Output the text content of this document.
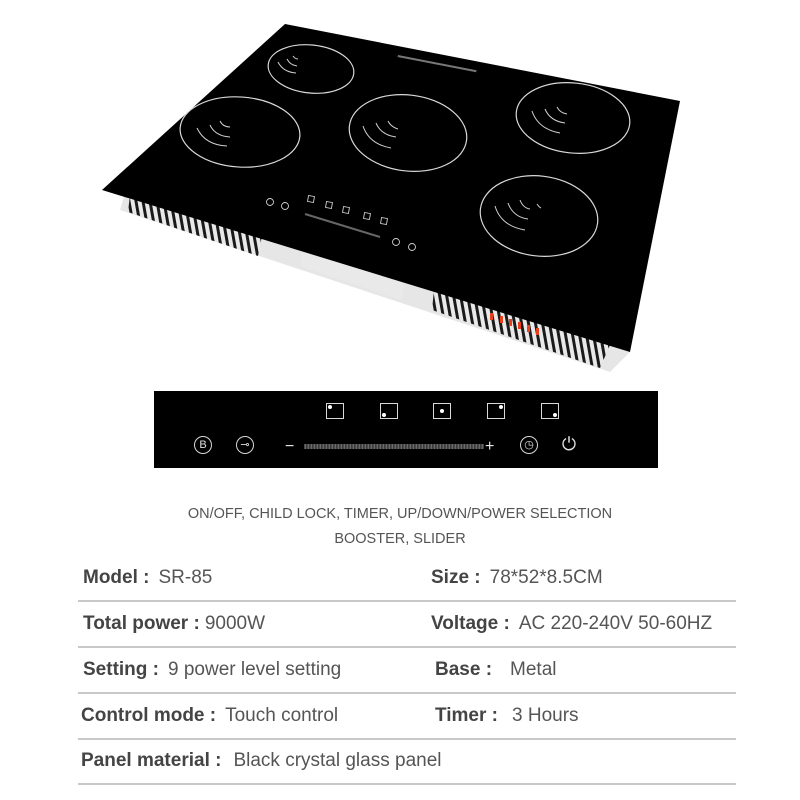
B	⊸ −	+	◷ ⏻
ON/OFF, CHILD LOCK, TIMER, UP/DOWN/POWER SELECTION
BOOSTER, SLIDER
Model : SR-85	Size : 78*52*8.5CM
Total power : 9000W	Voltage : AC 220-240V 50-60HZ
Setting : 9 power level setting	Base : Metal
Control mode : Touch control	Timer : 3 Hours
Panel material : Black crystal glass panel
